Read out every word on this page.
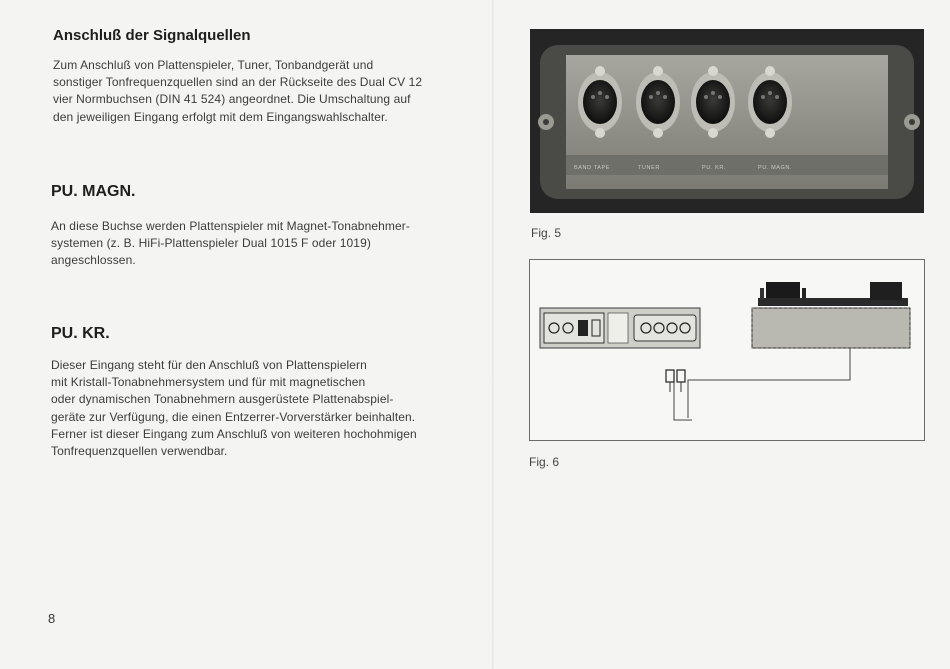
Anschluß der Signalquellen

Zum Anschluß von Plattenspieler, Tuner, Tonbandgerät und
sonstiger Tonfrequenzquellen sind an der Rückseite des Dual CV 12
vier Normbuchsen (DIN 41 524) angeordnet. Die Umschaltung auf
den jeweiligen Eingang erfolgt mit dem Eingangswahlschalter.

PU. MAGN.

An diese Buchse werden Plattenspieler mit Magnet-Tonabnehmer-
systemen (z. B. HiFi-Plattenspieler Dual 1015 F oder 1019)
angeschlossen.

PU. KR.

Dieser Eingang steht für den Anschluß von Plattenspielern
mit Kristall-Tonabnehmersystem und für mit magnetischen
oder dynamischen Tonabnehmern ausgerüstete Plattenabspiel-
geräte zur Verfügung, die einen Entzerrer-Vorverstärker beinhalten.
Ferner ist dieser Eingang zum Anschluß von weiteren hochohmigen
Tonfrequenzquellen verwendbar.

8
BAND TAPE	TUNER	PU. KR.	PU. MAGN.
Fig. 5
Fig. 6
